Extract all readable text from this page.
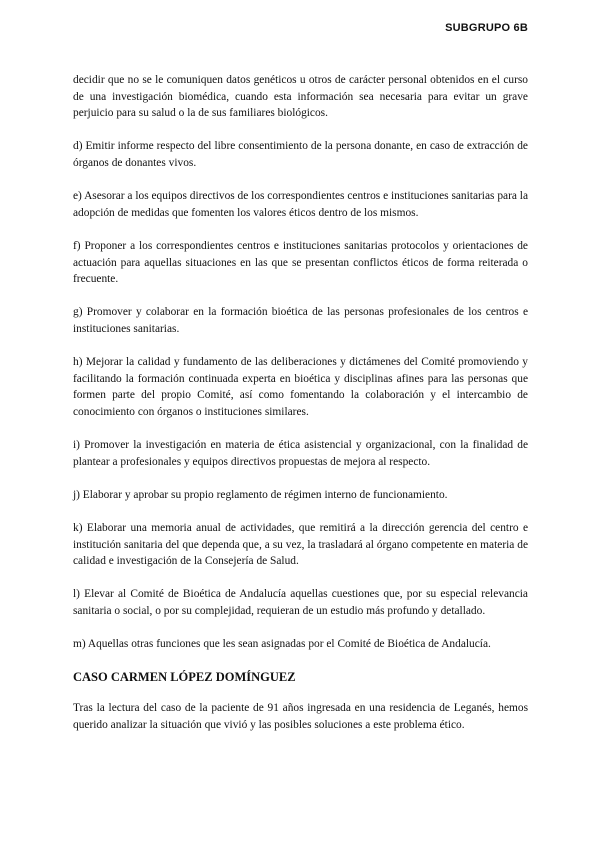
SUBGRUPO 6B

decidir que no se le comuniquen datos genéticos u otros de carácter personal obtenidos en el curso de una investigación biomédica, cuando esta información sea necesaria para evitar un grave perjuicio para su salud o la de sus familiares biológicos.

d) Emitir informe respecto del libre consentimiento de la persona donante, en caso de extracción de órganos de donantes vivos.

e) Asesorar a los equipos directivos de los correspondientes centros e instituciones sanitarias para la adopción de medidas que fomenten los valores éticos dentro de los mismos.

f) Proponer a los correspondientes centros e instituciones sanitarias protocolos y orientaciones de actuación para aquellas situaciones en las que se presentan conflictos éticos de forma reiterada o frecuente.

g) Promover y colaborar en la formación bioética de las personas profesionales de los centros e instituciones sanitarias.

h) Mejorar la calidad y fundamento de las deliberaciones y dictámenes del Comité promoviendo y facilitando la formación continuada experta en bioética y disciplinas afines para las personas que formen parte del propio Comité, así como fomentando la colaboración y el intercambio de conocimiento con órganos o instituciones similares.

i) Promover la investigación en materia de ética asistencial y organizacional, con la finalidad de plantear a profesionales y equipos directivos propuestas de mejora al respecto.

j) Elaborar y aprobar su propio reglamento de régimen interno de funcionamiento.

k) Elaborar una memoria anual de actividades, que remitirá a la dirección gerencia del centro e institución sanitaria del que dependa que, a su vez, la trasladará al órgano competente en materia de calidad e investigación de la Consejería de Salud.

l) Elevar al Comité de Bioética de Andalucía aquellas cuestiones que, por su especial relevancia sanitaria o social, o por su complejidad, requieran de un estudio más profundo y detallado.

m) Aquellas otras funciones que les sean asignadas por el Comité de Bioética de Andalucía.

CASO CARMEN LÓPEZ DOMÍNGUEZ

Tras la lectura del caso de la paciente de 91 años ingresada en una residencia de Leganés, hemos querido analizar la situación que vivió y las posibles soluciones a este problema ético.
